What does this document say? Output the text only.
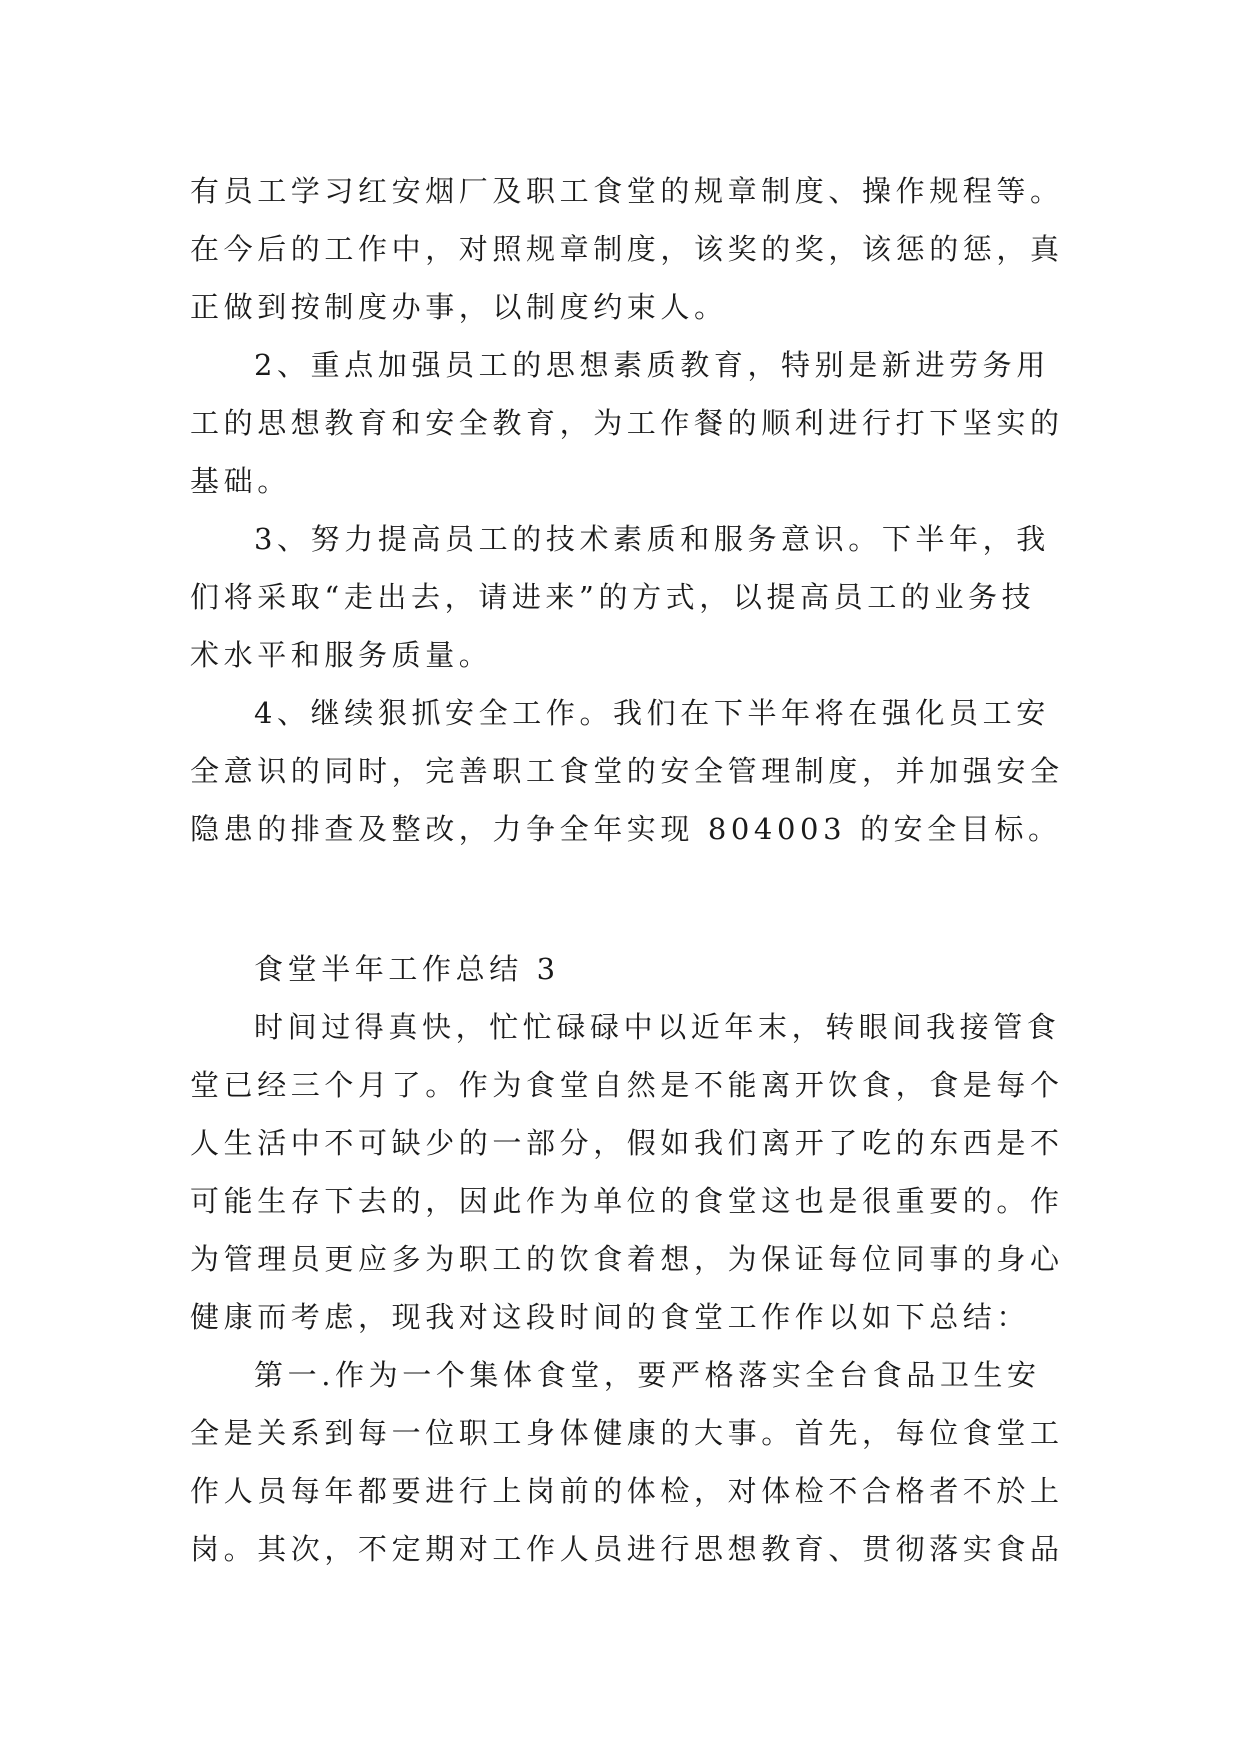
有员工学习红安烟厂及职工食堂的规章制度、操作规程等。
在今后的工作中，对照规章制度，该奖的奖，该惩的惩，真
正做到按制度办事，以制度约束人。
2、重点加强员工的思想素质教育，特别是新进劳务用
工的思想教育和安全教育，为工作餐的顺利进行打下坚实的
基础。
3、努力提高员工的技术素质和服务意识。下半年，我
们将采取“走出去，请进来”的方式，以提高员工的业务技
术水平和服务质量。
4、继续狠抓安全工作。我们在下半年将在强化员工安
全意识的同时，完善职工食堂的安全管理制度，并加强安全
隐患的排查及整改，力争全年实现 804003 的安全目标。
食堂半年工作总结 3
时间过得真快，忙忙碌碌中以近年末，转眼间我接管食
堂已经三个月了。作为食堂自然是不能离开饮食，食是每个
人生活中不可缺少的一部分，假如我们离开了吃的东西是不
可能生存下去的，因此作为单位的食堂这也是很重要的。作
为管理员更应多为职工的饮食着想，为保证每位同事的身心
健康而考虑，现我对这段时间的食堂工作作以如下总结：
第一.作为一个集体食堂，要严格落实全台食品卫生安
全是关系到每一位职工身体健康的大事。首先，每位食堂工
作人员每年都要进行上岗前的体检，对体检不合格者不於上
岗。其次，不定期对工作人员进行思想教育、贯彻落实食品
